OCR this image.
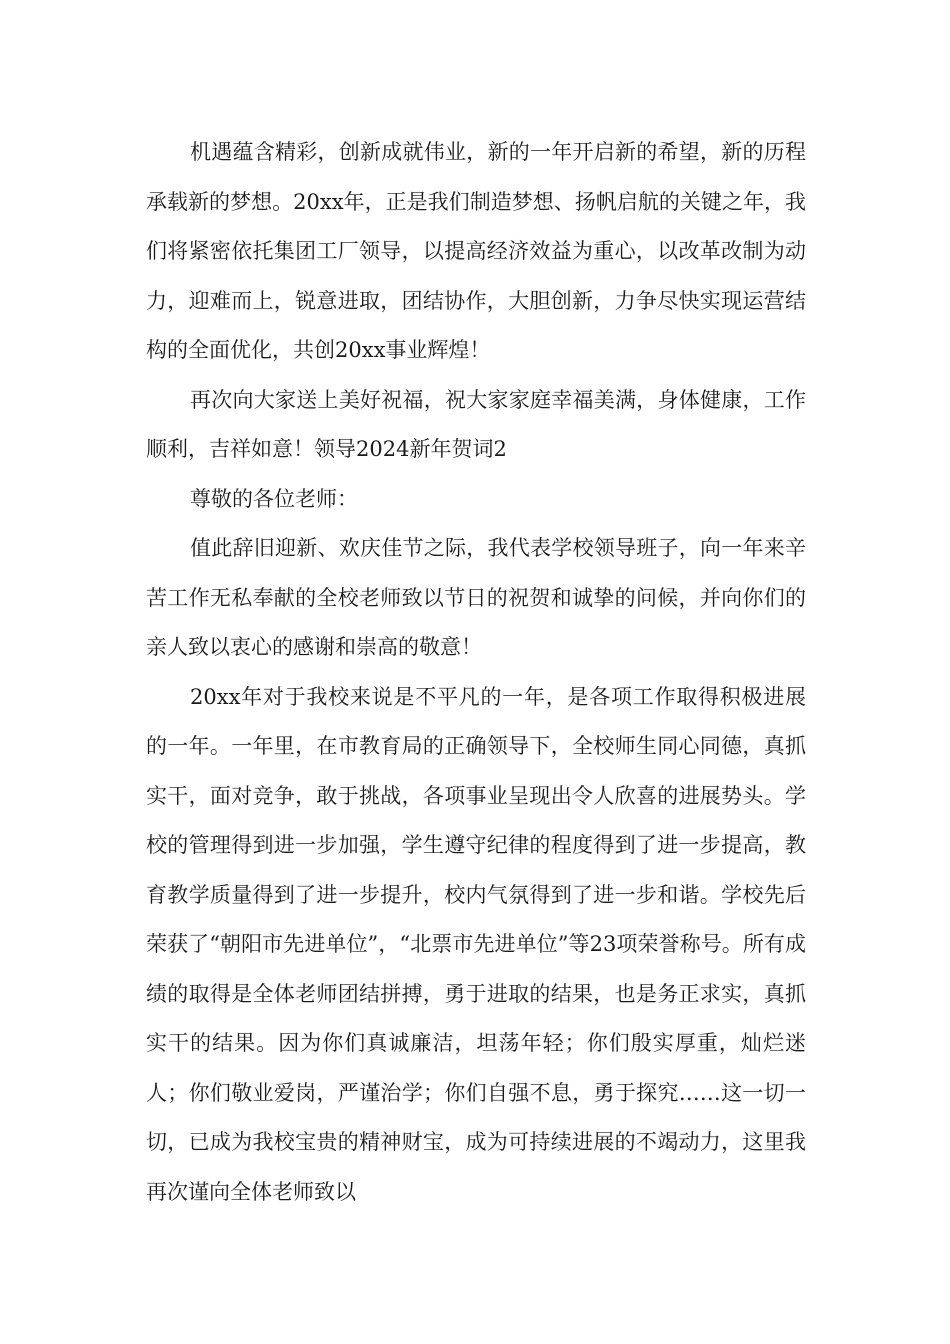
机遇蕴含精彩，创新成就伟业，新的一年开启新的希望，新的历程承载新的梦想。20xx年，正是我们制造梦想、扬帆启航的关键之年，我们将紧密依托集团工厂领导，以提高经济效益为重心，以改革改制为动力，迎难而上，锐意进取，团结协作，大胆创新，力争尽快实现运营结构的全面优化，共创20xx事业辉煌！

再次向大家送上美好祝福，祝大家家庭幸福美满，身体健康，工作顺利，吉祥如意！领导2024新年贺词2

尊敬的各位老师：

值此辞旧迎新、欢庆佳节之际，我代表学校领导班子，向一年来辛苦工作无私奉献的全校老师致以节日的祝贺和诚挚的问候，并向你们的亲人致以衷心的感谢和崇高的敬意！

20xx年对于我校来说是不平凡的一年，是各项工作取得积极进展的一年。一年里，在市教育局的正确领导下，全校师生同心同德，真抓实干，面对竞争，敢于挑战，各项事业呈现出令人欣喜的进展势头。学校的管理得到进一步加强，学生遵守纪律的程度得到了进一步提高，教育教学质量得到了进一步提升，校内气氛得到了进一步和谐。学校先后荣获了“朝阳市先进单位”，“北票市先进单位”等23项荣誉称号。所有成绩的取得是全体老师团结拼搏，勇于进取的结果，也是务正求实，真抓实干的结果。因为你们真诚廉洁，坦荡年轻；你们殷实厚重，灿烂迷人；你们敬业爱岗，严谨治学；你们自强不息，勇于探究……这一切一切，已成为我校宝贵的精神财宝，成为可持续进展的不竭动力，这里我再次谨向全体老师致以
